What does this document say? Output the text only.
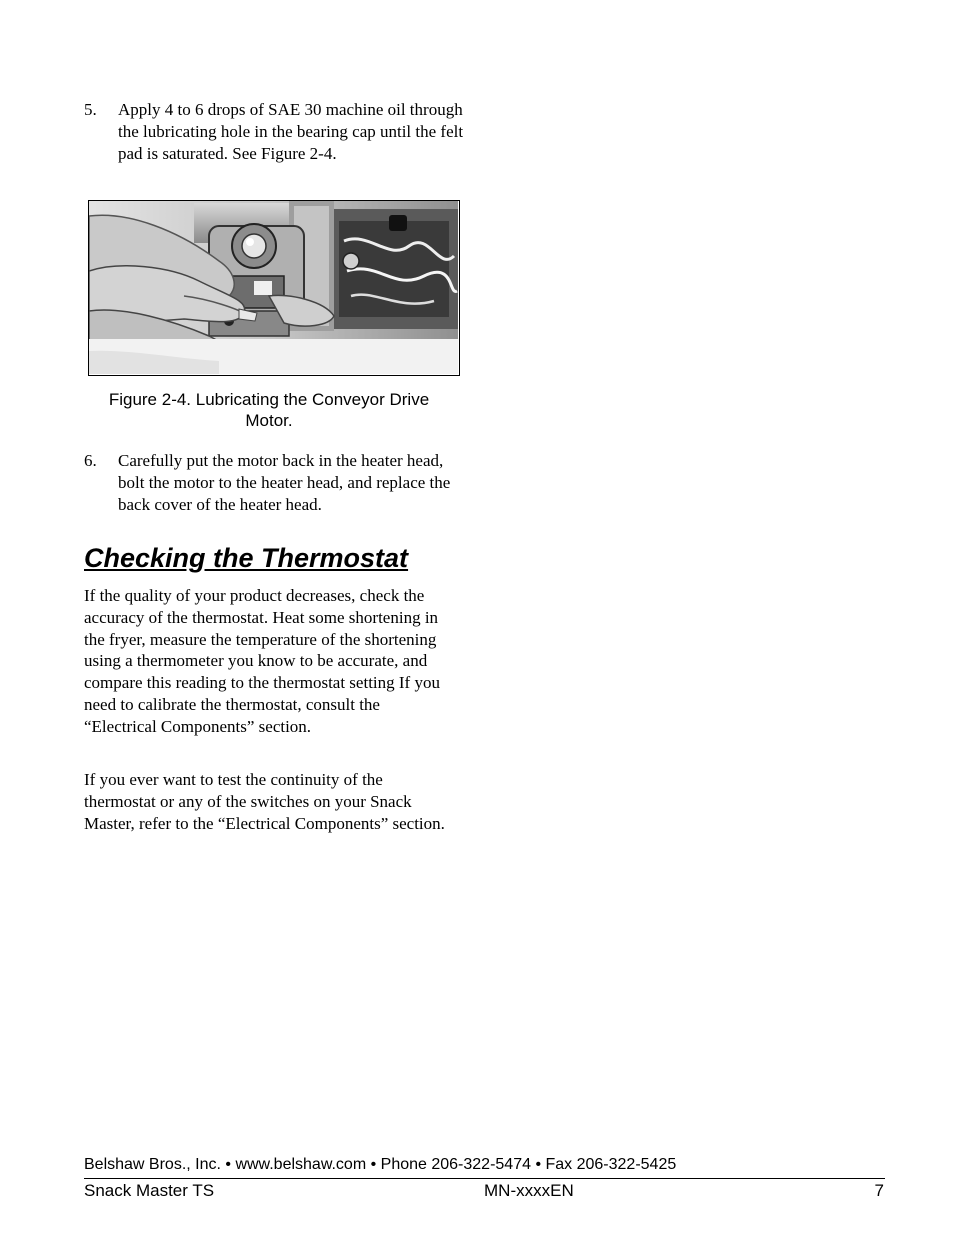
5. Apply 4 to 6 drops of SAE 30 machine oil through the lubricating hole in the bearing cap until the felt pad is saturated. See Figure 2-4.
Figure 2-4. Lubricating the Conveyor Drive Motor.
6. Carefully put the motor back in the heater head, bolt the motor to the heater head, and replace the back cover of the heater head.
Checking the Thermostat

If the quality of your product decreases, check the accuracy of the thermostat. Heat some shortening in the fryer, measure the temperature of the shortening using a thermometer you know to be accurate, and compare this reading to the thermostat setting If you need to calibrate the thermostat, consult the “Electrical Components” section.

If you ever want to test the continuity of the thermostat or any of the switches on your Snack Master, refer to the “Electrical Components” section.

Belshaw Bros., Inc. • www.belshaw.com • Phone 206-322-5474 • Fax 206-322-5425
Snack Master TS	MN-xxxxEN	7
